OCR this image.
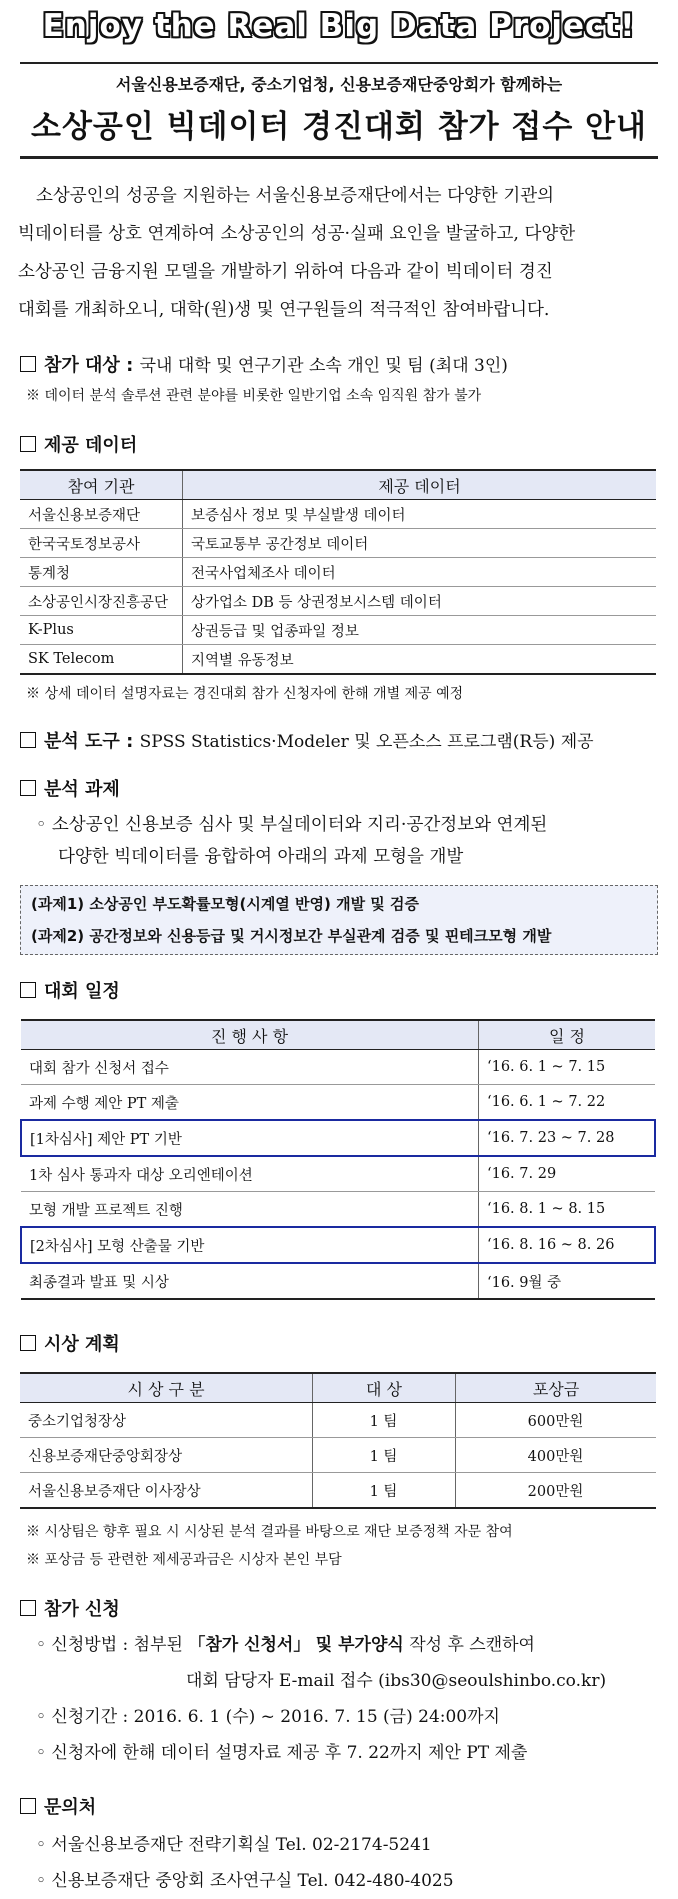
Enjoy the Real Big Data Project!
서울신용보증재단, 중소기업청, 신용보증재단중앙회가 함께하는
소상공인 빅데이터 경진대회 참가 접수 안내
소상공인의 성공을 지원하는 서울신용보증재단에서는 다양한 기관의
빅데이터를 상호 연계하여 소상공인의 성공·실패 요인을 발굴하고, 다양한
소상공인 금융지원 모델을 개발하기 위하여 다음과 같이 빅데이터 경진
대회를 개최하오니, 대학(원)생 및 연구원들의 적극적인 참여바랍니다.
참가 대상 : 국내 대학 및 연구기관 소속 개인 및 팀 (최대 3인)
※ 데이터 분석 솔루션 관련 분야를 비롯한 일반기업 소속 임직원 참가 불가
제공 데이터
참여 기관	제공 데이터
서울신용보증재단	보증심사 정보 및 부실발생 데이터
한국국토정보공사	국토교통부 공간정보 데이터
통계청	전국사업체조사 데이터
소상공인시장진흥공단	상가업소 DB 등 상권정보시스템 데이터
K-Plus	상권등급 및 업종파일 정보
SK Telecom	지역별 유동정보
※ 상세 데이터 설명자료는 경진대회 참가 신청자에 한해 개별 제공 예정
분석 도구 : SPSS Statistics·Modeler 및 오픈소스 프로그램(R등) 제공
분석 과제
◦ 소상공인 신용보증 심사 및 부실데이터와 지리·공간정보와 연계된
다양한 빅데이터를 융합하여 아래의 과제 모형을 개발
(과제1) 소상공인 부도확률모형(시계열 반영) 개발 및 검증
(과제2) 공간정보와 신용등급 및 거시정보간 부실관계 검증 및 핀테크모형 개발
대회 일정
진 행 사 항	일 정
대회 참가 신청서 접수	‘16. 6. 1 ~ 7. 15
과제 수행 제안 PT 제출	‘16. 6. 1 ~ 7. 22
[1차심사] 제안 PT 기반	‘16. 7. 23 ~ 7. 28
1차 심사 통과자 대상 오리엔테이션	‘16. 7. 29
모형 개발 프로젝트 진행	‘16. 8. 1 ~ 8. 15
[2차심사] 모형 산출물 기반	‘16. 8. 16 ~ 8. 26
최종결과 발표 및 시상	‘16. 9월 중
시상 계획
시 상 구 분	대 상	포상금
중소기업청장상	1 팀	600만원
신용보증재단중앙회장상	1 팀	400만원
서울신용보증재단 이사장상	1 팀	200만원
※ 시상팀은 향후 필요 시 시상된 분석 결과를 바탕으로 재단 보증정책 자문 참여
※ 포상금 등 관련한 제세공과금은 시상자 본인 부담
참가 신청
◦ 신청방법 : 첨부된 「참가 신청서」 및 부가양식 작성 후 스캔하여
대회 담당자 E-mail 접수 (ibs30@seoulshinbo.co.kr)
◦ 신청기간 : 2016. 6. 1 (수) ~ 2016. 7. 15 (금) 24:00까지
◦ 신청자에 한해 데이터 설명자료 제공 후 7. 22까지 제안 PT 제출
문의처
◦ 서울신용보증재단 전략기획실 Tel. 02-2174-5241
◦ 신용보증재단 중앙회 조사연구실 Tel. 042-480-4025
